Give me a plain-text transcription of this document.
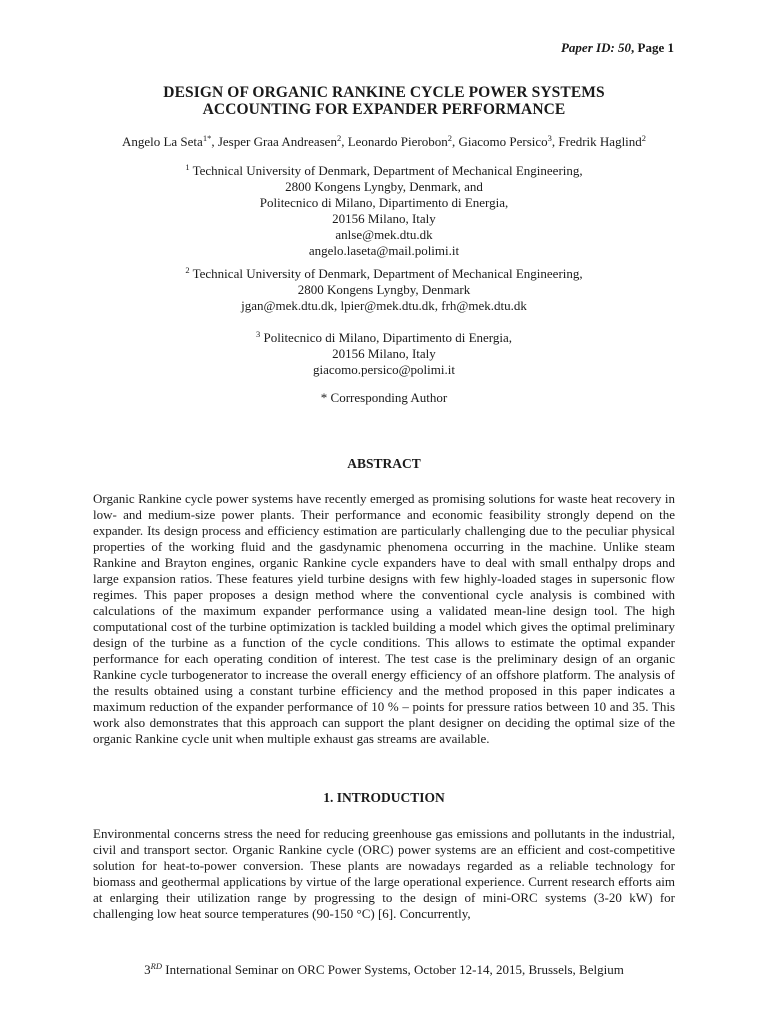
Paper ID: 50, Page 1
DESIGN OF ORGANIC RANKINE CYCLE POWER SYSTEMS
ACCOUNTING FOR EXPANDER PERFORMANCE
Angelo La Seta$^{1*}$, Jesper Graa Andreasen$^2$, Leonardo Pierobon$^2$, Giacomo Persico$^3$, Fredrik Haglind$^2$
$^1$ Technical University of Denmark, Department of Mechanical Engineering,
2800 Kongens Lyngby, Denmark, and
Politecnico di Milano, Dipartimento di Energia,
20156 Milano, Italy
anlse@mek.dtu.dk
angelo.laseta@mail.polimi.it
$^2$ Technical University of Denmark, Department of Mechanical Engineering,
2800 Kongens Lyngby, Denmark
jgan@mek.dtu.dk, lpier@mek.dtu.dk, frh@mek.dtu.dk
$^3$ Politecnico di Milano, Dipartimento di Energia,
20156 Milano, Italy
giacomo.persico@polimi.it
* Corresponding Author
ABSTRACT

Organic Rankine cycle power systems have recently emerged as promising solutions for waste heat recovery in low- and medium-size power plants. Their performance and economic feasibility strongly depend on the expander. Its design process and efficiency estimation are particularly challenging due to the peculiar physical properties of the working fluid and the gasdynamic phenomena occurring in the machine. Unlike steam Rankine and Brayton engines, organic Rankine cycle expanders have to deal with small enthalpy drops and large expansion ratios. These features yield turbine designs with few highly-loaded stages in supersonic flow regimes. This paper proposes a design method where the conventional cycle analysis is combined with calculations of the maximum expander performance using a validated mean-line design tool. The high computational cost of the turbine optimization is tackled building a model which gives the optimal preliminary design of the turbine as a function of the cycle conditions. This allows to estimate the optimal expander performance for each operating condition of interest. The test case is the preliminary design of an organic Rankine cycle turbogenerator to increase the overall energy efficiency of an offshore platform. The analysis of the results obtained using a constant turbine efficiency and the method proposed in this paper indicates a maximum reduction of the expander performance of 10 % – points for pressure ratios between 10 and 35. This work also demonstrates that this approach can support the plant designer on deciding the optimal size of the organic Rankine cycle unit when multiple exhaust gas streams are available.

1. INTRODUCTION

Environmental concerns stress the need for reducing greenhouse gas emissions and pollutants in the industrial, civil and transport sector. Organic Rankine cycle (ORC) power systems are an efficient and cost-competitive solution for heat-to-power conversion. These plants are nowadays regarded as a reliable technology for biomass and geothermal applications by virtue of the large operational experience. Current research efforts aim at enlarging their utilization range by progressing to the design of mini-ORC systems (3-20 kW) for challenging low heat source temperatures (90-150 °C) [6]. Concurrently,

3RD International Seminar on ORC Power Systems, October 12-14, 2015, Brussels, Belgium
